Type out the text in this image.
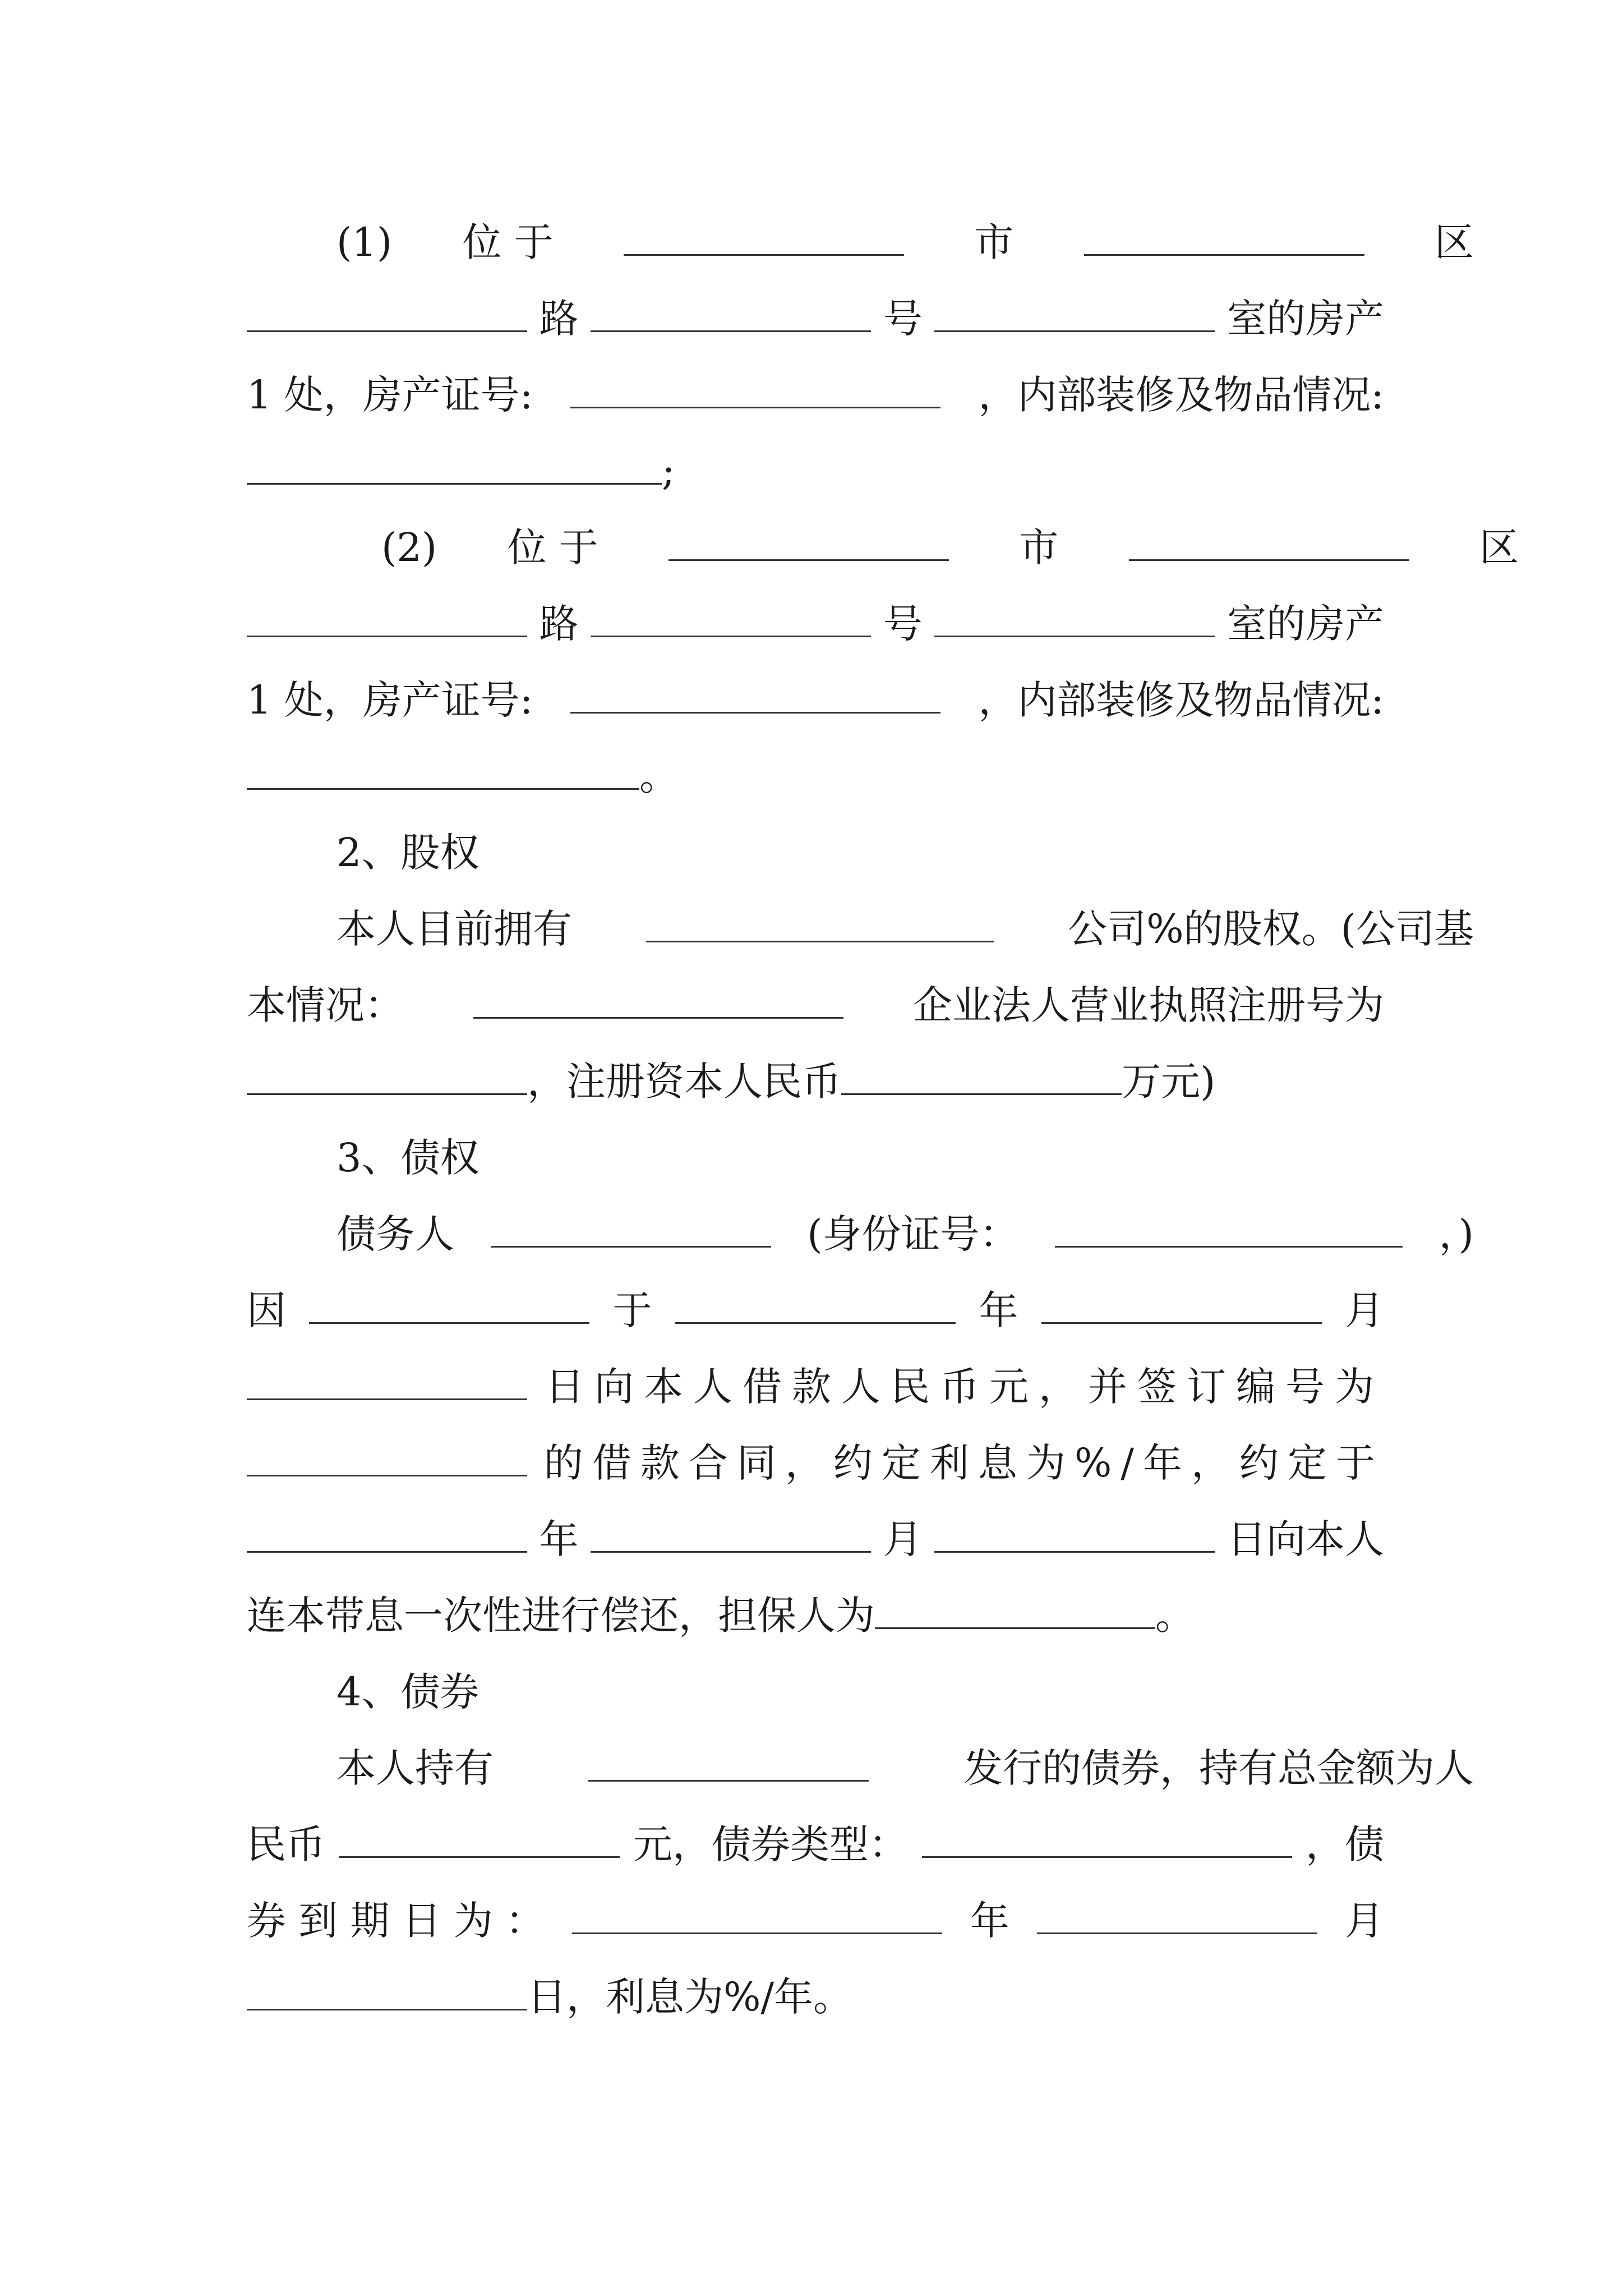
(1) 位 于	市	区
路	号	室的房产
1 处，房产证号:	，内部装修及物品情况:
;
(2) 位 于	市	区
路	号	室的房产
1 处，房产证号:	，内部装修及物品情况:
。
2、股权
本人目前拥有	公司%的股权。(公司基
本情况：	企业法人营业执照注册号为
，注册资本人民币	万元)
3、债权
债务人	(身份证号：	，)
因	于	年	月
日向本人借款人民币元，并签订编号为
的借款合同，约定利息为%/年，约定于
年	月	日向本人
连本带息一次性进行偿还，担保人为	。
4、债券
本人持有	发行的债券，持有总金额为人
民币	元，债券类型：	，债
券 到 期 日 为 ：	年	月
日，利息为%/年。
